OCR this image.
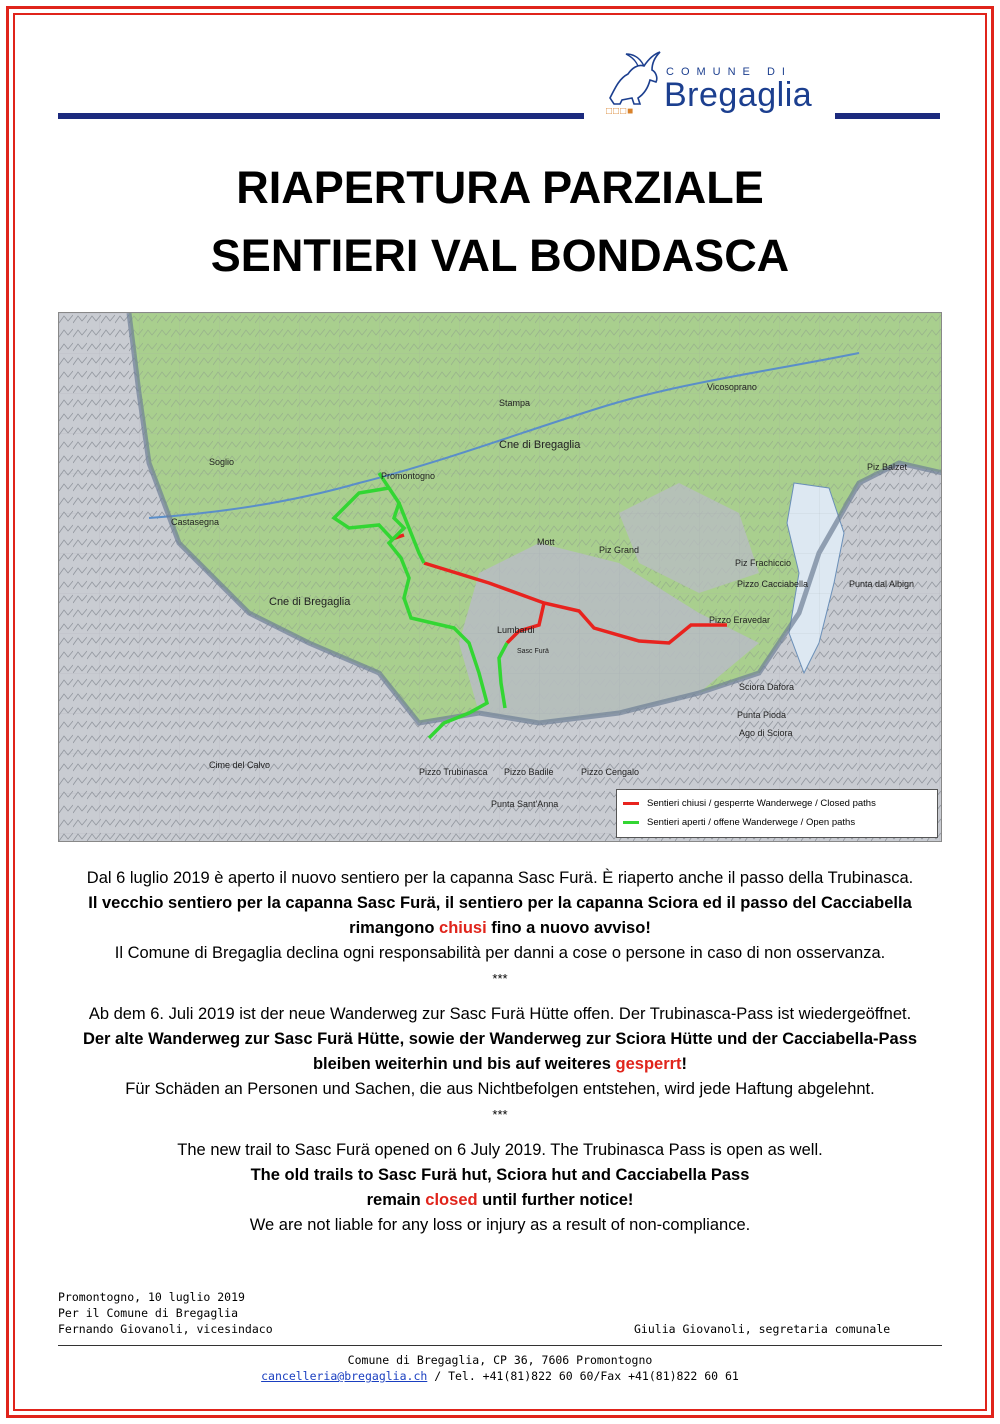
COMUNE DI
Bregaglia
□□□■
RIAPERTURA PARZIALE
SENTIERI VAL BONDASCA
Promontogno
Castasegna
Cne di Bregaglia
Cne di Bregaglia
Vicosoprano
Stampa
Soglio	Piz Balzet
Piz Frachiccio
Punta dal Albign
Pizzo Cacciabella
Pizzo Eravedar
Sciora Dafora
Punta Pioda
Ago di Sciora
Pizzo Trubinasca Pizzo Badile	Pizzo Cengalo
Cime del Calvo
Punta Sant'Anna
Lumbardi
Piz Grand
Mott
Sasc Furä
Sentieri chiusi / gesperrte Wanderwege / Closed paths
Sentieri aperti / offene Wanderwege / Open paths
Dal 6 luglio 2019 è aperto il nuovo sentiero per la capanna Sasc Furä. È riaperto anche il passo della Trubinasca.
Il vecchio sentiero per la capanna Sasc Furä, il sentiero per la capanna Sciora ed il passo del Cacciabella
rimangono chiusi fino a nuovo avviso!
Il Comune di Bregaglia declina ogni responsabilità per danni a cose o persone in caso di non osservanza.
***
Ab dem 6. Juli 2019 ist der neue Wanderweg zur Sasc Furä Hütte offen. Der Trubinasca-Pass ist wiedergeöffnet.
Der alte Wanderweg zur Sasc Furä Hütte, sowie der Wanderweg zur Sciora Hütte und der Cacciabella-Pass
bleiben weiterhin und bis auf weiteres gesperrt!
Für Schäden an Personen und Sachen, die aus Nichtbefolgen entstehen, wird jede Haftung abgelehnt.
***
The new trail to Sasc Furä opened on 6 July 2019. The Trubinasca Pass is open as well.
The old trails to Sasc Furä hut, Sciora hut and Cacciabella Pass
remain closed until further notice!
We are not liable for any loss or injury as a result of non-compliance.
Promontogno, 10 luglio 2019
Per il Comune di Bregaglia
Fernando Giovanoli, vicesindaco	Giulia Giovanoli, segretaria comunale
Comune di Bregaglia, CP 36, 7606 Promontogno
cancelleria@bregaglia.ch / Tel. +41(81)822 60 60/Fax +41(81)822 60 61
